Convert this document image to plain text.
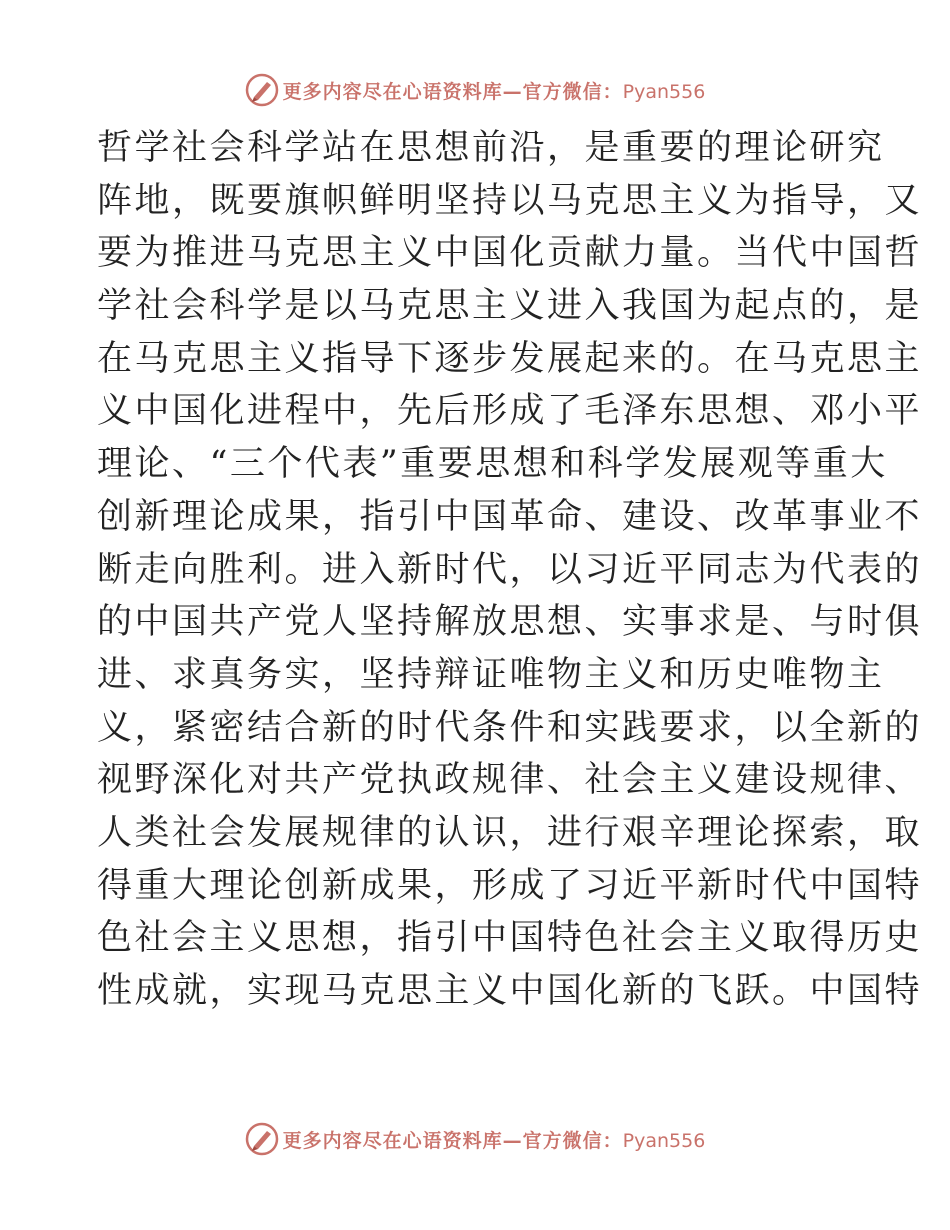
更多内容尽在心语资料库—官方微信：Pyan556
哲学社会科学站在思想前沿，是重要的理论研究
阵地，既要旗帜鲜明坚持以马克思主义为指导，又
要为推进马克思主义中国化贡献力量。当代中国哲
学社会科学是以马克思主义进入我国为起点的，是
在马克思主义指导下逐步发展起来的。在马克思主
义中国化进程中，先后形成了毛泽东思想、邓小平
理论、“三个代表”重要思想和科学发展观等重大
创新理论成果，指引中国革命、建设、改革事业不
断走向胜利。进入新时代，以习近平同志为代表的
的中国共产党人坚持解放思想、实事求是、与时俱
进、求真务实，坚持辩证唯物主义和历史唯物主
义，紧密结合新的时代条件和实践要求，以全新的
视野深化对共产党执政规律、社会主义建设规律、
人类社会发展规律的认识，进行艰辛理论探索，取
得重大理论创新成果，形成了习近平新时代中国特
色社会主义思想，指引中国特色社会主义取得历史
性成就，实现马克思主义中国化新的飞跃。中国特
更多内容尽在心语资料库—官方微信：Pyan556
